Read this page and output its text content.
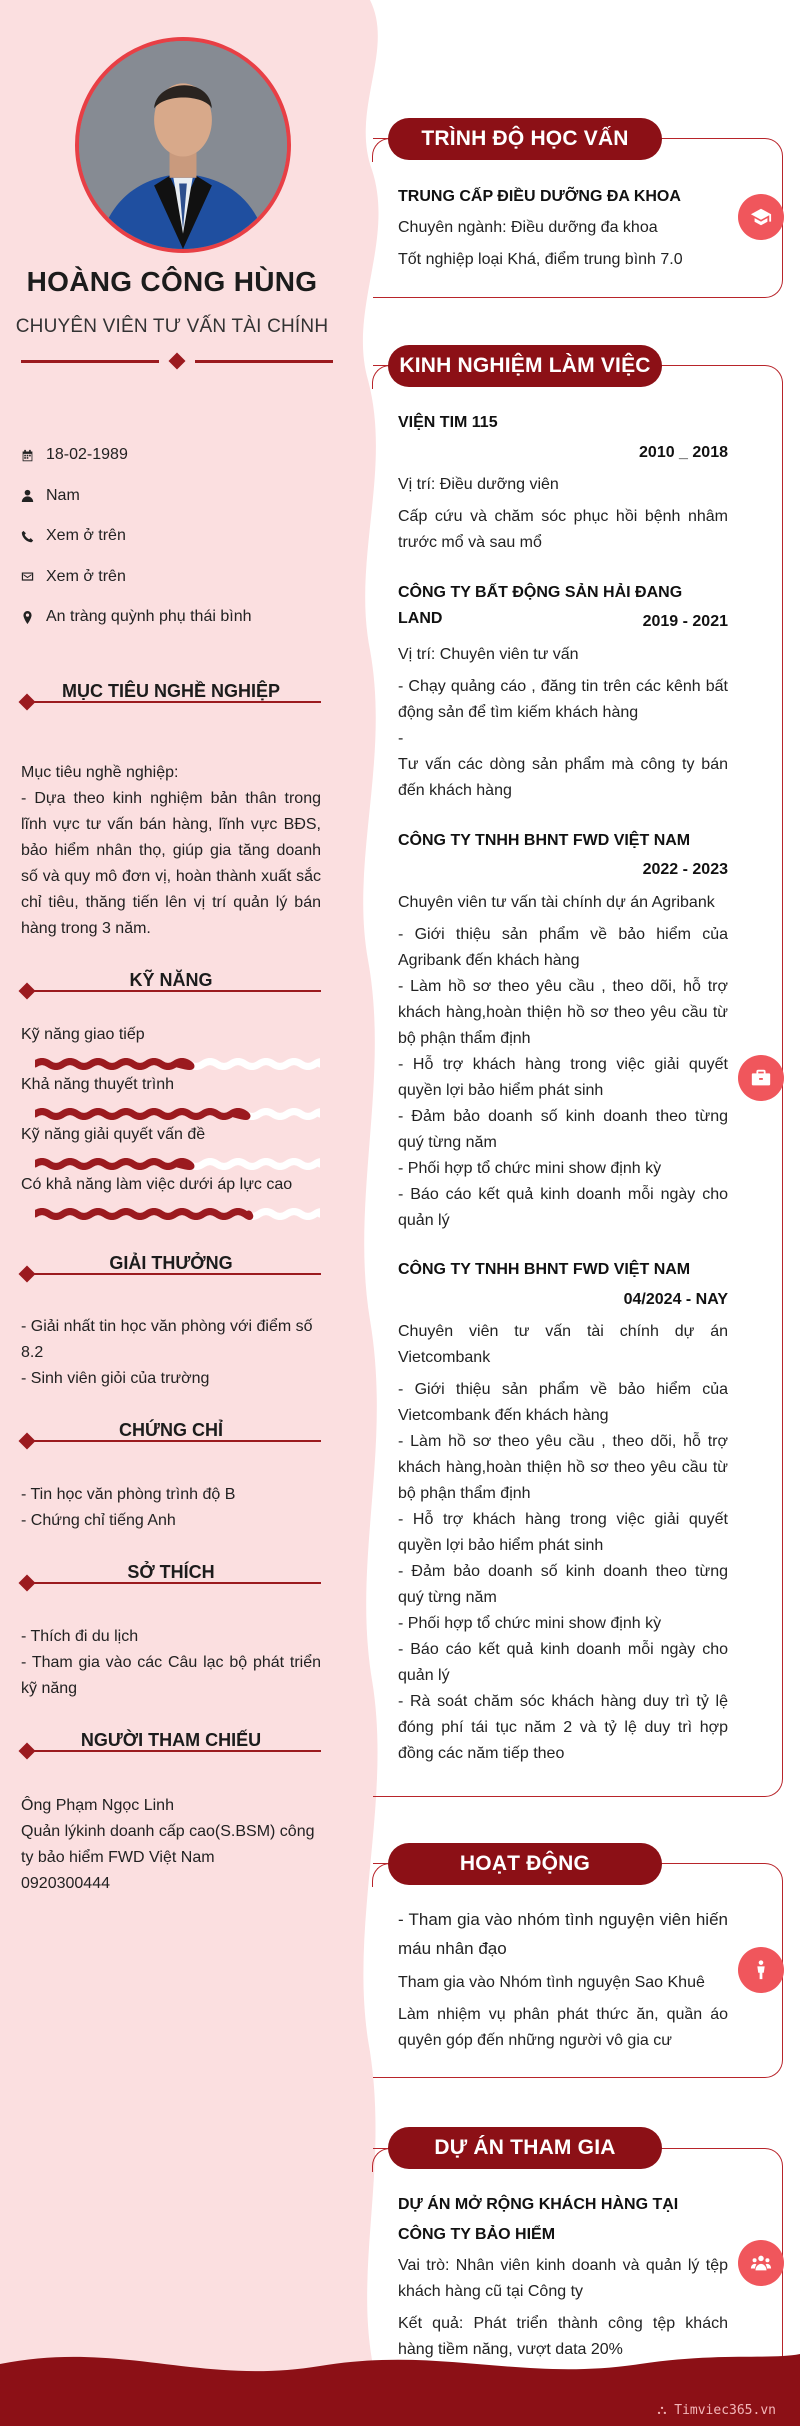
HOÀNG CÔNG HÙNG
CHUYÊN VIÊN TƯ VẤN TÀI CHÍNH
18-02-1989
Nam
Xem ở trên
Xem ở trên
An tràng quỳnh phụ thái bình
MỤC TIÊU NGHỀ NGHIỆP
Mục tiêu nghề nghiệp:
- Dựa theo kinh nghiệm bản thân trong lĩnh vực tư vấn bán hàng, lĩnh vực BĐS, bảo hiểm nhân thọ, giúp gia tăng doanh số và quy mô đơn vị, hoàn thành xuất sắc chỉ tiêu, thăng tiến lên vị trí quản lý bán hàng trong 3 năm.
KỸ NĂNG
Kỹ năng giao tiếp
Khả năng thuyết trình
Kỹ năng giải quyết vấn đề
Có khả năng làm việc dưới áp lực cao
GIẢI THƯỞNG
- Giải nhất tin học văn phòng với điểm số 8.2
- Sinh viên giỏi của trường
CHỨNG CHỈ
- Tin học văn phòng trình độ B
- Chứng chỉ tiếng Anh
SỞ THÍCH
- Thích đi du lịch
- Tham gia vào các Câu lạc bộ phát triển kỹ năng
NGƯỜI THAM CHIẾU
Ông Phạm Ngọc Linh
Quản lýkinh doanh cấp cao(S.BSM) công ty bảo hiểm FWD Việt Nam
0920300444
TRÌNH ĐỘ HỌC VẤN
TRUNG CẤP ĐIỀU DƯỠNG ĐA KHOA
Chuyên ngành: Điều dưỡng đa khoa
Tốt nghiệp loại Khá, điểm trung bình 7.0
KINH NGHIỆM LÀM VIỆC
VIỆN TIM 115
2010 _ 2018
Vị trí: Điều dưỡng viên
Cấp cứu và chăm sóc phục hồi bệnh nhâm trước mổ và sau mổ
CÔNG TY BẤT ĐỘNG SẢN HẢI ĐANG LAND	2019 - 2021
Vị trí: Chuyên viên tư vấn
- Chạy quảng cáo , đăng tin trên các kênh bất động sản để tìm kiếm khách hàng
-
Tư vấn các dòng sản phẩm mà công ty bán đến khách hàng
CÔNG TY TNHH BHNT FWD VIỆT NAM
2022 - 2023
Chuyên viên tư vấn tài chính dự án Agribank
- Giới thiệu sản phẩm về bảo hiểm của Agribank đến khách hàng
- Làm hồ sơ theo yêu cầu , theo dõi, hỗ trợ khách hàng,hoàn thiện hồ sơ theo yêu cầu từ bộ phận thẩm định
- Hỗ trợ khách hàng trong việc giải quyết quyền lợi bảo hiểm phát sinh
- Đảm bảo doanh số kinh doanh theo từng quý từng năm
- Phối hợp tổ chức mini show định kỳ
- Báo cáo kết quả kinh doanh mỗi ngày cho quản lý
CÔNG TY TNHH BHNT FWD VIỆT NAM
04/2024 - NAY
Chuyên viên tư vấn tài chính dự án Vietcombank
- Giới thiệu sản phẩm về bảo hiểm của Vietcombank đến khách hàng
- Làm hồ sơ theo yêu cầu , theo dõi, hỗ trợ khách hàng,hoàn thiện hồ sơ theo yêu cầu từ bộ phận thẩm định
- Hỗ trợ khách hàng trong việc giải quyết quyền lợi bảo hiểm phát sinh
- Đảm bảo doanh số kinh doanh theo từng quý từng năm
- Phối hợp tổ chức mini show định kỳ
- Báo cáo kết quả kinh doanh mỗi ngày cho quản lý
- Rà soát chăm sóc khách hàng duy trì tỷ lệ đóng phí tái tục năm 2 và tỷ lệ duy trì hợp đồng các năm tiếp theo
HOẠT ĐỘNG
- Tham gia vào nhóm tình nguyện viên hiến máu nhân đạo
Tham gia vào Nhóm tình nguyện Sao Khuê
Làm nhiệm vụ phân phát thức ăn, quần áo quyên góp đến những người vô gia cư
DỰ ÁN THAM GIA
DỰ ÁN MỞ RỘNG KHÁCH HÀNG TẠI CÔNG TY BẢO HIỂM
Vai trò: Nhân viên kinh doanh và quản lý tệp khách hàng cũ tại Công ty
Kết quả: Phát triển thành công tệp khách hàng tiềm năng, vượt data 20%
⛬ Timviec365.vn
